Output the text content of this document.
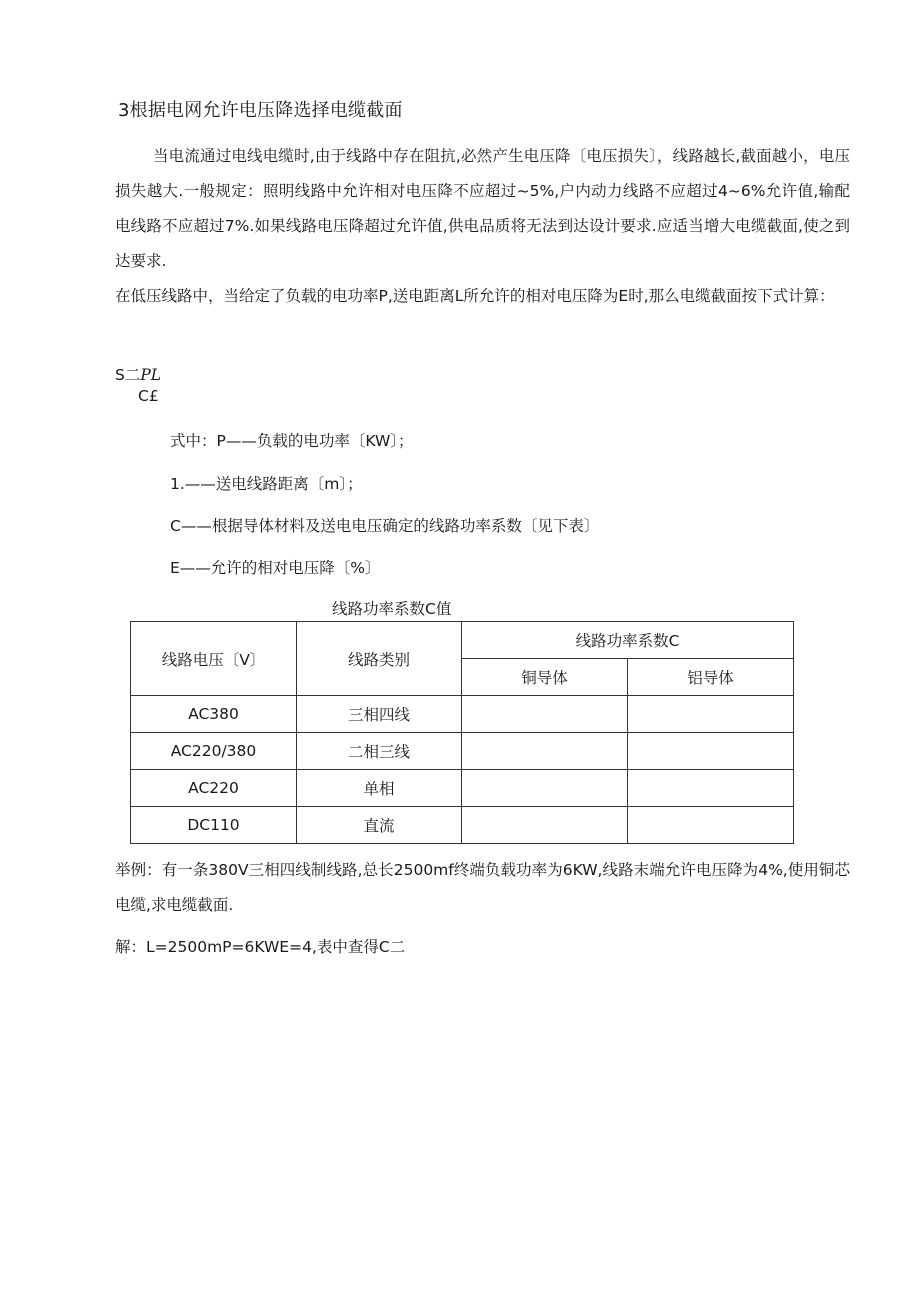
3根据电网允许电压降选择电缆截面
当电流通过电线电缆时,由于线路中存在阻抗,必然产生电压降〔电压损失〕，线路越长,截面越小，电压损失越大.一般规定：照明线路中允许相对电压降不应超过~5%,户内动力线路不应超过4~6%允许值,输配电线路不应超过7%.如果线路电压降超过允许值,供电品质将无法到达设计要求.应适当增大电缆截面,使之到达要求.
在低压线路中，当给定了负载的电功率P,送电距离L所允许的相对电压降为E时,那么电缆截面按下式计算：
S二PL
C£
式中：P——负载的电功率〔KW〕；
1.——送电线路距离〔m〕；
C——根据导体材料及送电电压确定的线路功率系数〔见下表〕
E——允许的相对电压降〔%〕
线路功率系数C值
线路电压〔V〕	线路类别	线路功率系数C	
		铜导体	铝导体
AC380	三相四线		
AC220/380	二相三线		
AC220	单相		
DC110	直流		
举例：有一条380V三相四线制线路,总长2500mf终端负载功率为6KW,线路末端允许电压降为4%,使用铜芯电缆,求电缆截面.
解：L=2500mP=6KWE=4,表中查得C二
